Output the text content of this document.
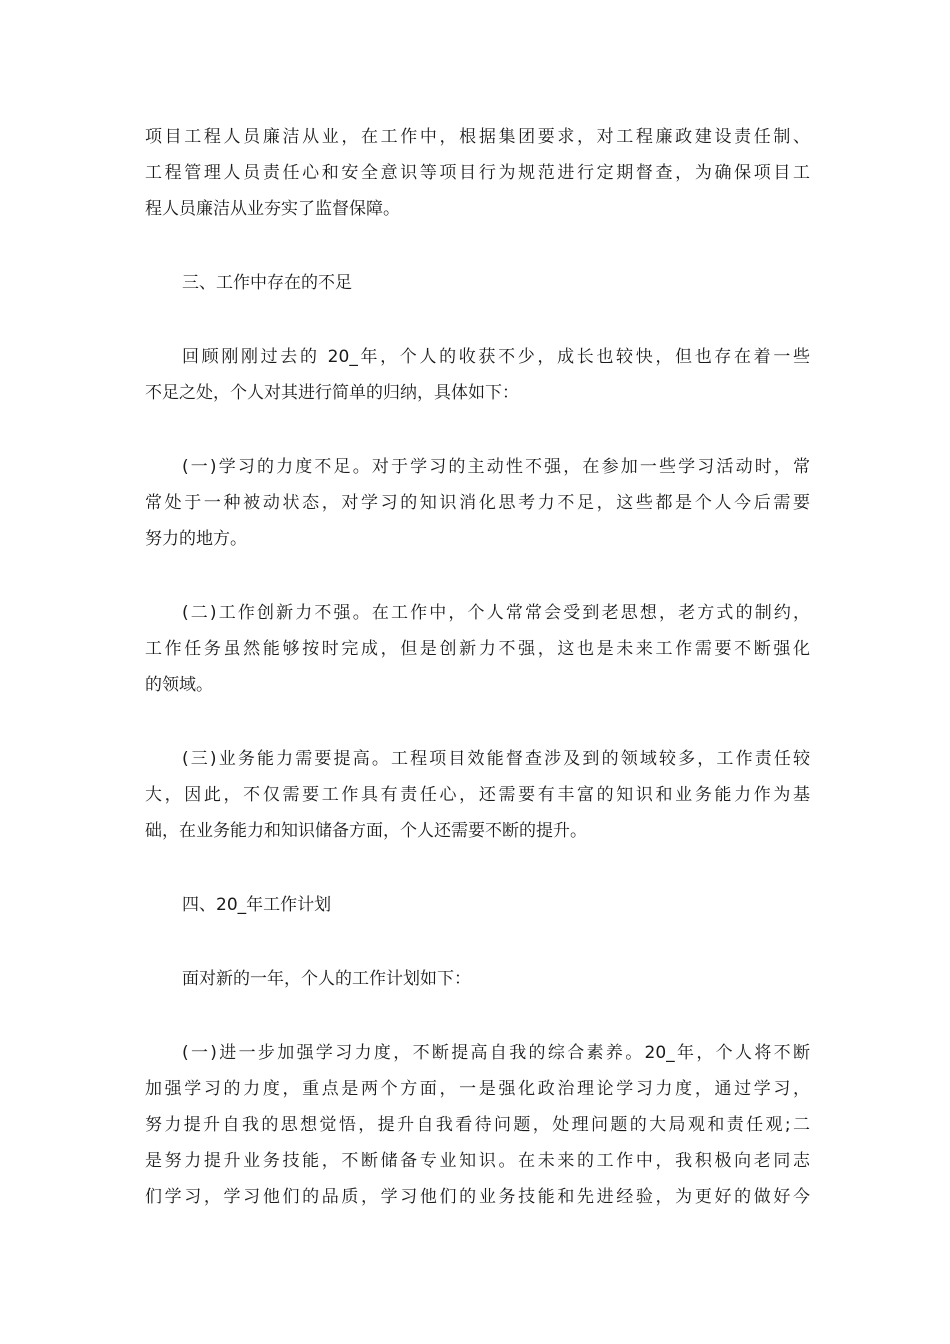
项目工程人员廉洁从业，在工作中，根据集团要求，对工程廉政建设责任制、
工程管理人员责任心和安全意识等项目行为规范进行定期督查，为确保项目工
程人员廉洁从业夯实了监督保障。
三、工作中存在的不足
回顾刚刚过去的 20_年，个人的收获不少，成长也较快，但也存在着一些
不足之处，个人对其进行简单的归纳，具体如下：
(一)学习的力度不足。对于学习的主动性不强，在参加一些学习活动时，常
常处于一种被动状态，对学习的知识消化思考力不足，这些都是个人今后需要
努力的地方。
(二)工作创新力不强。在工作中，个人常常会受到老思想，老方式的制约，
工作任务虽然能够按时完成，但是创新力不强，这也是未来工作需要不断强化
的领域。
(三)业务能力需要提高。工程项目效能督查涉及到的领域较多，工作责任较
大，因此，不仅需要工作具有责任心，还需要有丰富的知识和业务能力作为基
础，在业务能力和知识储备方面，个人还需要不断的提升。
四、20_年工作计划
面对新的一年，个人的工作计划如下：
(一)进一步加强学习力度，不断提高自我的综合素养。20_年，个人将不断
加强学习的力度，重点是两个方面，一是强化政治理论学习力度，通过学习，
努力提升自我的思想觉悟，提升自我看待问题，处理问题的大局观和责任观;二
是努力提升业务技能，不断储备专业知识。在未来的工作中，我积极向老同志
们学习，学习他们的品质，学习他们的业务技能和先进经验，为更好的做好今
